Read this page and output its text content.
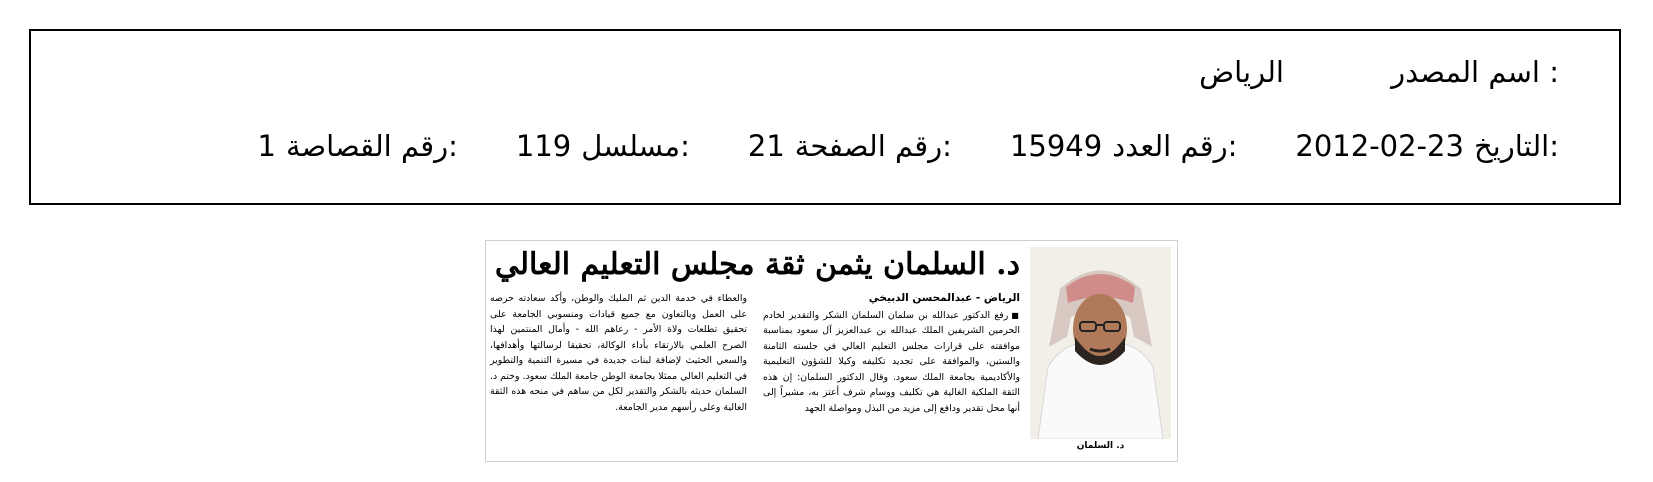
اسم المصدر :
الرياض
التاريخ:
2012-02-23
رقم العدد:
15949
رقم الصفحة:
21
مسلسل:
119
رقم القصاصة:
1
د. السلمان
د. السلمان يثمن ثقة مجلس التعليم العالي
الرياض - عبدالمحسن الدبيخي

■رفع الدكتور عبدالله بن سلمان السلمان الشكر والتقدير لخادم الحرمين الشريفين الملك عبدالله بن عبدالعزيز آل سعود بمناسبة موافقته على قرارات مجلس التعليم العالي في جلسته الثامنة والستين، والموافقة على تجديد تكليفه وكيلا للشؤون التعليمية والأكاديمية بجامعة الملك سعود. وقال الدكتور السلمان: إن هذه الثقة الملكية الغالية هي تكليف ووسام شرف أعتز به، مشيراً إلى أنها محل تقدير ودافع إلى مزيد من البذل ومواصلة الجهد

والعطاء في خدمة الدين ثم المليك والوطن، وأكد سعادته حرصه على العمل وبالتعاون مع جميع قيادات ومنسوبي الجامعة على تحقيق تطلعات ولاة الأمر - رعاهم الله - وأمال المنتمين لهذا الصرح العلمي بالارتقاء بأداء الوكالة، تحقيقا لرسالتها وأهدافها، والسعي الحثيث لإضافة لبنات جديدة في مسيرة التنمية والتطوير في التعليم العالي ممثلا بجامعة الوطن جامعة الملك سعود. وختم د. السلمان حديثه بالشكر والتقدير لكل من ساهم في منحه هذه الثقة الغالية وعلى رأسهم مدير الجامعة.
